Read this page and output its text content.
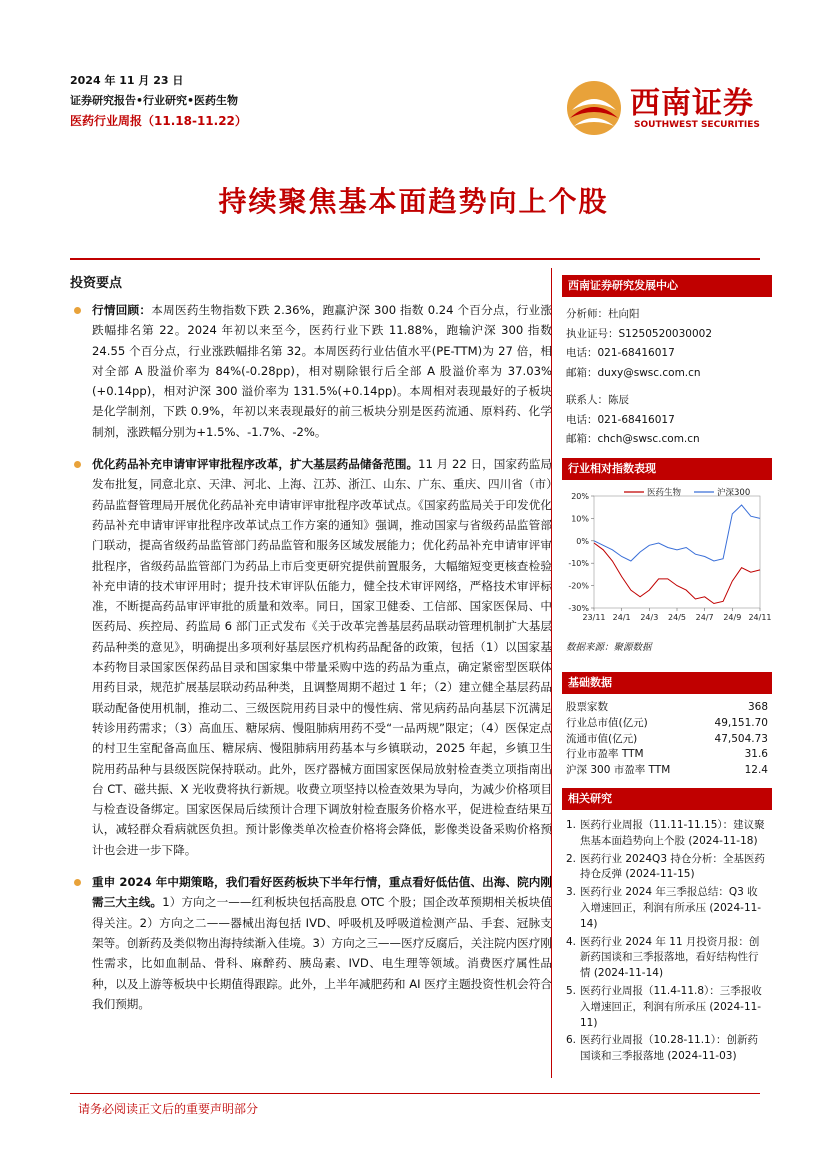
2024 年 11 月 23 日
证券研究报告•行业研究•医药生物
医药行业周报（11.18-11.22）	西南证券
SOUTHWEST SECURITIES
持续聚焦基本面趋势向上个股
投资要点
行情回顾：本周医药生物指数下跌 2.36%，跑赢沪深 300 指数 0.24 个百分点，行业涨跌幅排名第 22。2024 年初以来至今，医药行业下跌 11.88%，跑输沪深 300 指数 24.55 个百分点，行业涨跌幅排名第 32。本周医药行业估值水平(PE-TTM)为 27 倍，相对全部 A 股溢价率为 84%(-0.28pp)，相对剔除银行后全部 A 股溢价率为 37.03%(+0.14pp)，相对沪深 300 溢价率为 131.5%(+0.14pp)。本周相对表现最好的子板块是化学制剂，下跌 0.9%，年初以来表现最好的前三板块分别是医药流通、原料药、化学制剂，涨跌幅分别为+1.5%、-1.7%、-2%。
优化药品补充申请审评审批程序改革，扩大基层药品储备范围。11 月 22 日，国家药监局发布批复，同意北京、天津、河北、上海、江苏、浙江、山东、广东、重庆、四川省（市）药品监督管理局开展优化药品补充申请审评审批程序改革试点。《国家药监局关于印发优化药品补充申请审评审批程序改革试点工作方案的通知》强调，推动国家与省级药品监管部门联动，提高省级药品监管部门药品监管和服务区域发展能力；优化药品补充申请审评审批程序，省级药品监管部门为药品上市后变更研究提供前置服务，大幅缩短变更核查检验补充申请的技术审评用时；提升技术审评队伍能力，健全技术审评网络，严格技术审评标准，不断提高药品审评审批的质量和效率。同日，国家卫健委、工信部、国家医保局、中医药局、疾控局、药监局 6 部门正式发布《关于改革完善基层药品联动管理机制扩大基层药品种类的意见》，明确提出多项利好基层医疗机构药品配备的政策，包括（1）以国家基本药物目录国家医保药品目录和国家集中带量采购中选的药品为重点，确定紧密型医联体用药目录，规范扩展基层联动药品种类，且调整周期不超过 1 年；（2）建立健全基层药品联动配备使用机制，推动二、三级医院用药目录中的慢性病、常见病药品向基层下沉满足转诊用药需求；（3）高血压、糖尿病、慢阻肺病用药不受“一品两规”限定；（4）医保定点的村卫生室配备高血压、糖尿病、慢阻肺病用药基本与乡镇联动，2025 年起，乡镇卫生院用药品种与县级医院保持联动。此外，医疗器械方面国家医保局放射检查类立项指南出台 CT、磁共振、X 光收费将执行新规。收费立项坚持以检查效果为导向，为减少价格项目与检查设备绑定。国家医保局后续预计合理下调放射检查服务价格水平，促进检查结果互认，减轻群众看病就医负担。预计影像类单次检查价格将会降低，影像类设备采购价格预计也会进一步下降。
重申 2024 年中期策略，我们看好医药板块下半年行情，重点看好低估值、出海、院内刚需三大主线。1）方向之一——红利板块包括高股息 OTC 个股；国企改革预期相关板块值得关注。2）方向之二——器械出海包括 IVD、呼吸机及呼吸道检测产品、手套、冠脉支架等。创新药及类似物出海持续渐入佳境。3）方向之三——医疗反腐后，关注院内医疗刚性需求，比如血制品、骨科、麻醉药、胰岛素、IVD、电生理等领域。消费医疗属性品种，以及上游等板块中长期值得跟踪。此外，上半年减肥药和 AI 医疗主题投资性机会符合我们预期。
西南证券研究发展中心
分析师：杜向阳
执业证号：S1250520030002
电话：021-68416017
邮箱：duxy@swsc.com.cn
联系人：陈辰
电话：021-68416017
邮箱：chch@swsc.com.cn
行业相对指数表现
20%
10%
0%
-10%
-20%
-30%
23/11 24/1 24/3 24/5 24/7 24/9 24/11
医药生物	沪深300
数据来源：聚源数据
基础数据
股票家数	368
行业总市值(亿元)	49,151.70
流通市值(亿元)	47,504.73
行业市盈率 TTM	31.6
沪深 300 市盈率 TTM	12.4
相关研究
1. 医药行业周报（11.11-11.15）：建议聚焦基本面趋势向上个股 (2024-11-18)
2. 医药行业 2024Q3 持仓分析：全基医药持仓反弹 (2024-11-15)
3. 医药行业 2024 年三季报总结：Q3 收入增速回正，利润有所承压 (2024-11-14)
4. 医药行业 2024 年 11 月投资月报：创新药国谈和三季报落地，看好结构性行情 (2024-11-14)
5. 医药行业周报（11.4-11.8）：三季报收入增速回正，利润有所承压 (2024-11-11)
6. 医药行业周报（10.28-11.1）：创新药国谈和三季报落地 (2024-11-03)
请务必阅读正文后的重要声明部分
